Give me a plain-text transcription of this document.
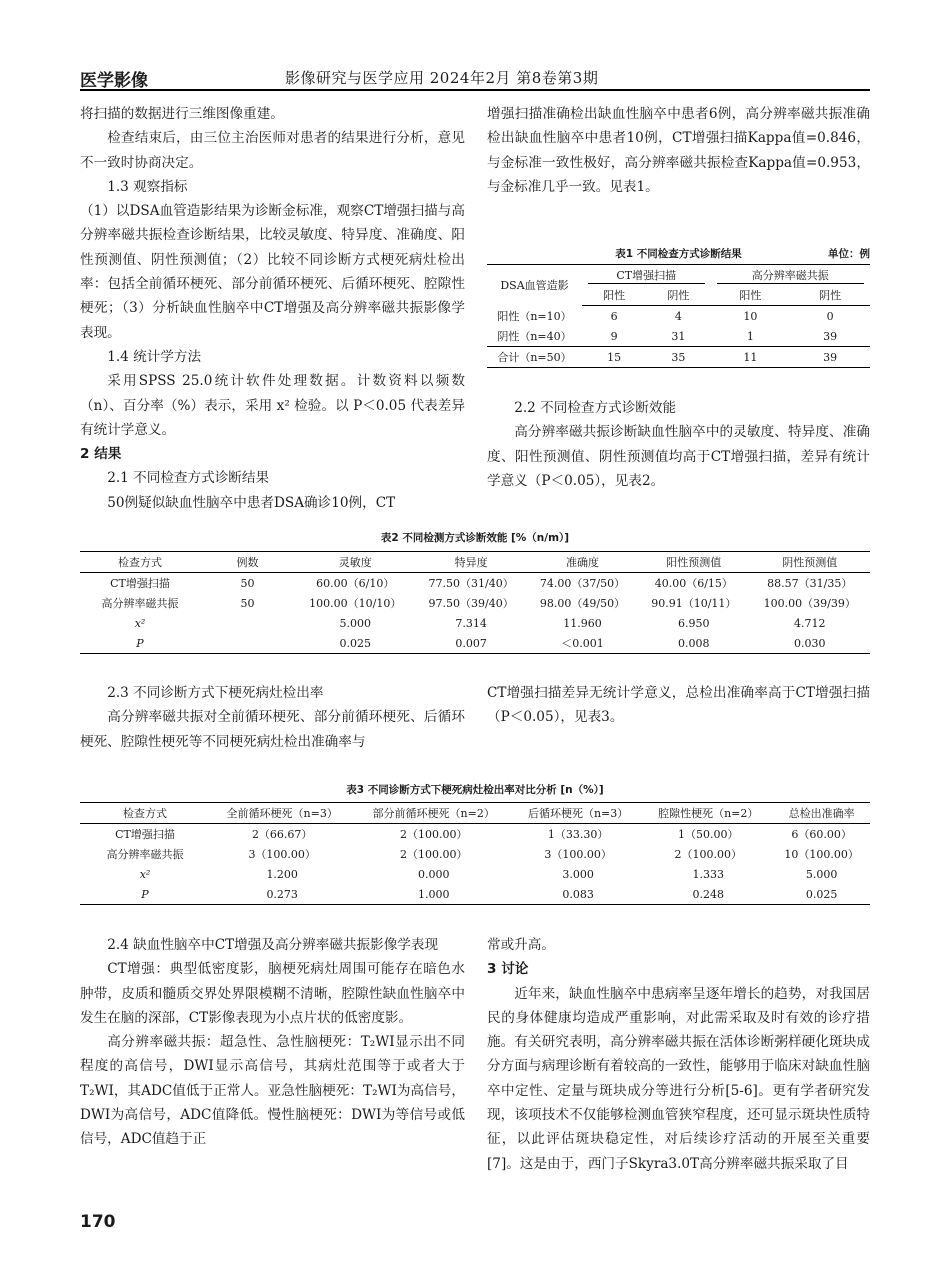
医学影像	影像研究与医学应用 2024年2月 第8卷第3期

将扫描的数据进行三维图像重建。

检查结束后，由三位主治医师对患者的结果进行分析，意见不一致时协商决定。

1.3 观察指标

（1）以DSA血管造影结果为诊断金标准，观察CT增强扫描与高分辨率磁共振检查诊断结果，比较灵敏度、特异度、准确度、阳性预测值、阴性预测值；（2）比较不同诊断方式梗死病灶检出率：包括全前循环梗死、部分前循环梗死、后循环梗死、腔隙性梗死；（3）分析缺血性脑卒中CT增强及高分辨率磁共振影像学表现。

1.4 统计学方法

采用SPSS 25.0统计软件处理数据。计数资料以频数（n）、百分率（%）表示，采用 x² 检验。以 P＜0.05 代表差异有统计学意义。

2 结果

2.1 不同检查方式诊断结果

50例疑似缺血性脑卒中患者DSA确诊10例，CT

增强扫描准确检出缺血性脑卒中患者6例，高分辨率磁共振准确检出缺血性脑卒中患者10例，CT增强扫描Kappa值=0.846，与金标准一致性极好，高分辨率磁共振检查Kappa值=0.953，与金标准几乎一致。见表1。

表1 不同检查方式诊断结果	单位：例
DSA血管造影	CT增强扫描		高分辨率磁共振	

	阳性	阴性	阳性	阴性
阳性（n=10）	6	4	10	0
阴性（n=40）	9	31	1	39
合计（n=50）	15	35	11	39

2.2 不同检查方式诊断效能

高分辨率磁共振诊断缺血性脑卒中的灵敏度、特异度、准确度、阳性预测值、阴性预测值均高于CT增强扫描，差异有统计学意义（P＜0.05），见表2。

表2 不同检测方式诊断效能 [%（n/m）]
检查方式	例数	灵敏度	特异度	准确度	阳性预测值	阴性预测值
CT增强扫描	50	60.00（6/10）	77.50（31/40）	74.00（37/50）	40.00（6/15）	88.57（31/35）
高分辨率磁共振	50	100.00（10/10）	97.50（39/40）	98.00（49/50）	90.91（10/11）	100.00（39/39）
x²		5.000	7.314	11.960	6.950	4.712
P		0.025	0.007	＜0.001	0.008	0.030

2.3 不同诊断方式下梗死病灶检出率

高分辨率磁共振对全前循环梗死、部分前循环梗死、后循环梗死、腔隙性梗死等不同梗死病灶检出准确率与

CT增强扫描差异无统计学意义，总检出准确率高于CT增强扫描（P＜0.05），见表3。

表3 不同诊断方式下梗死病灶检出率对比分析 [n（%）]
检查方式	全前循环梗死（n=3）	部分前循环梗死（n=2）	后循环梗死（n=3）	腔隙性梗死（n=2）	总检出准确率
CT增强扫描	2（66.67）	2（100.00）	1（33.30）	1（50.00）	6（60.00）
高分辨率磁共振	3（100.00）	2（100.00）	3（100.00）	2（100.00）	10（100.00）
x²	1.200	0.000	3.000	1.333	5.000
P	0.273	1.000	0.083	0.248	0.025

2.4 缺血性脑卒中CT增强及高分辨率磁共振影像学表现

CT增强：典型低密度影，脑梗死病灶周围可能存在暗色水肿带，皮质和髓质交界处界限模糊不清晰，腔隙性缺血性脑卒中发生在脑的深部，CT影像表现为小点片状的低密度影。

高分辨率磁共振：超急性、急性脑梗死：T₂WI显示出不同程度的高信号，DWI显示高信号，其病灶范围等于或者大于T₂WI，其ADC值低于正常人。亚急性脑梗死：T₂WI为高信号，DWI为高信号，ADC值降低。慢性脑梗死：DWI为等信号或低信号，ADC值趋于正

常或升高。

3 讨论

近年来，缺血性脑卒中患病率呈逐年增长的趋势，对我国居民的身体健康均造成严重影响，对此需采取及时有效的诊疗措施。有关研究表明，高分辨率磁共振在活体诊断粥样硬化斑块成分方面与病理诊断有着较高的一致性，能够用于临床对缺血性脑卒中定性、定量与斑块成分等进行分析[5-6]。更有学者研究发现，该项技术不仅能够检测血管狭窄程度，还可显示斑块性质特征，以此评估斑块稳定性，对后续诊疗活动的开展至关重要[7]。这是由于，西门子Skyra3.0T高分辨率磁共振采取了目

170
